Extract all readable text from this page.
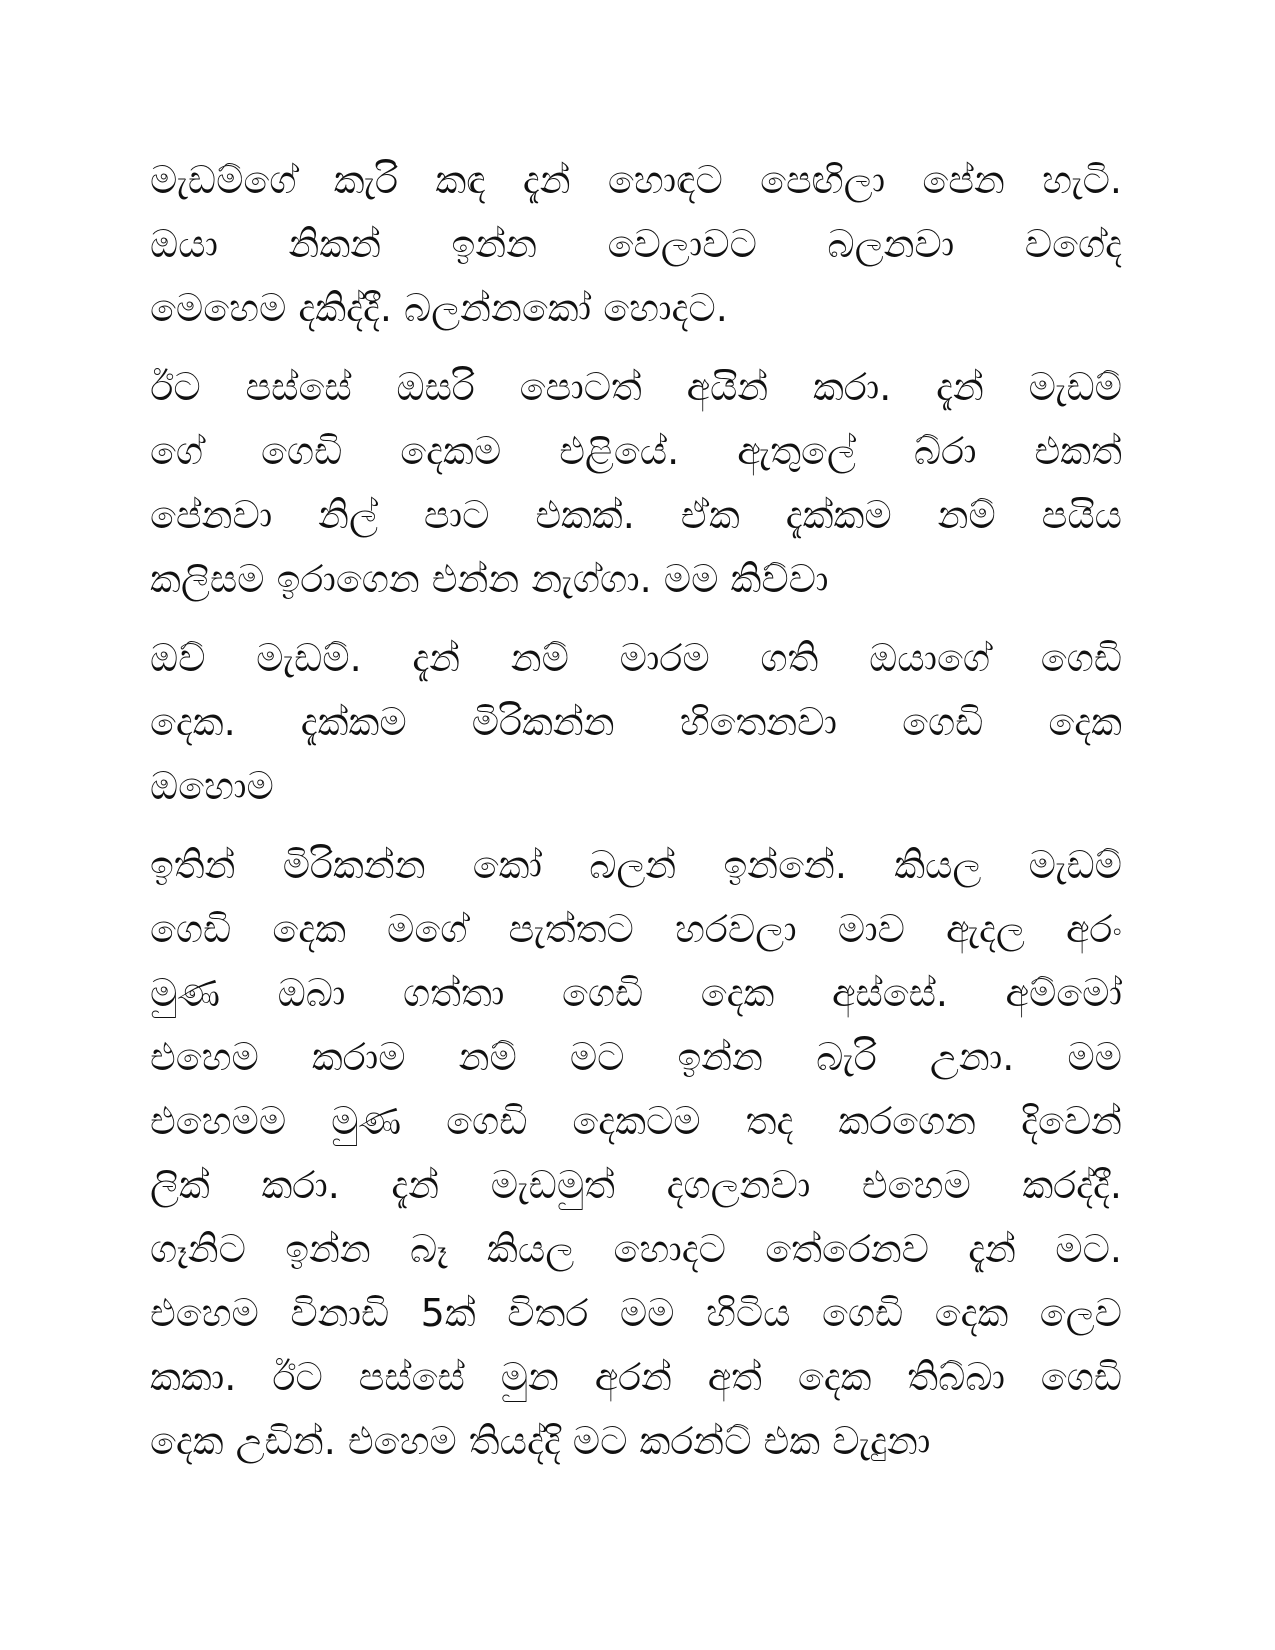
මැඩම්ගේ කැරි කඳ දැන් හොඳට පෙඟිලා පේන හැටි.
ඔයා නිකන් ඉන්න වෙලාවට බලනවා වගේද
මෙහෙම දකිද්දී. බලන්නකෝ හොදට.

ඊට පස්සේ ඔසරි පොටත් අයින් කරා. දැන් මැඩම්
ගේ ගෙඩි දෙකම එළියේ. ඇතුලේ බ්රා එකත්
පේනවා නිල් පාට එකක්. ඒක දැක්කම නම් පයිය
කලිසම ඉරාගෙන එන්න නැග්ගා. මම කිව්වා

ඔව් මැඩම්. දැන් නම් මාරම ගති ඔයාගේ ගෙඩි
දෙක. දැක්කම මිරිකන්න හිතෙනවා ගෙඩි දෙක
ඔහොම

ඉතින් මිරිකන්න කෝ බලන් ඉන්නේ. කියල මැඩම්
ගෙඩි දෙක මගේ පැත්තට හරවලා මාව ඇදල අරං
මුණ ඔබා ගත්තා ගෙඩි දෙක අස්සේ. අම්මෝ
එහෙම කරාම නම් මට ඉන්න බැරි උනා. මම
එහෙමම මුණ ගෙඩි දෙකටම තද කරගෙන දිවෙන්
ලික් කරා. දැන් මැඩමුත් දගලනවා එහෙම කරද්දී.
ගෑනිට ඉන්න බෑ කියල හොදට තේරෙනව දැන් මට.
එහෙම විනාඩි 5ක් විතර මම හිටිය ගෙඩි දෙක ලෙව
කකා. ඊට පස්සේ මුන අරන් අත් දෙක තිබ්බා ගෙඩි
දෙක උඩින්. එහෙම තියද්දි මට කරන්ට් එක වැදුනා
